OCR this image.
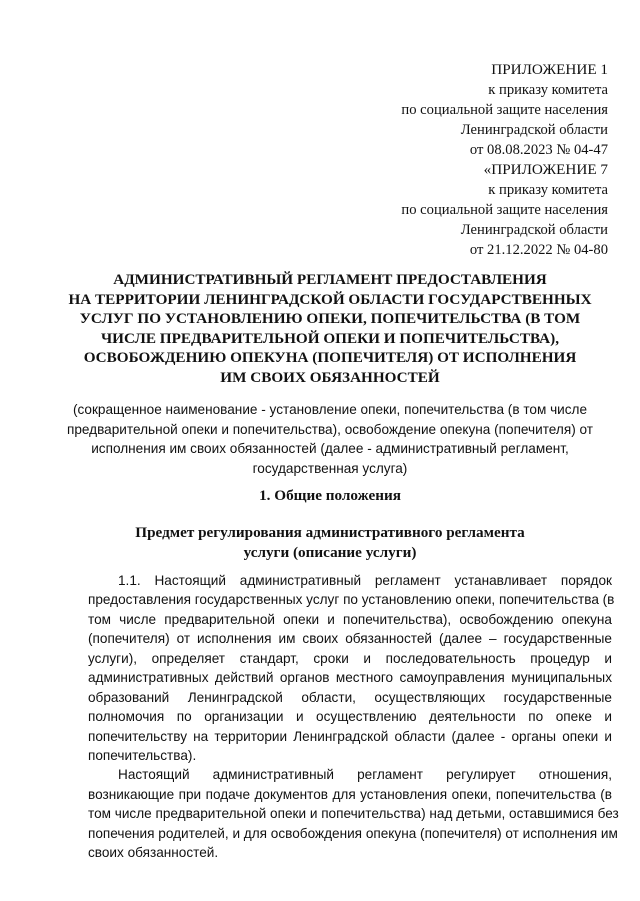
ПРИЛОЖЕНИЕ 1
к приказу комитета
по социальной защите населения
Ленинградской области
от 08.08.2023 № 04-47
«ПРИЛОЖЕНИЕ 7
к приказу комитета
по социальной защите населения
Ленинградской области
от 21.12.2022 № 04-80
АДМИНИСТРАТИВНЫЙ РЕГЛАМЕНТ ПРЕДОСТАВЛЕНИЯ
НА ТЕРРИТОРИИ ЛЕНИНГРАДСКОЙ ОБЛАСТИ ГОСУДАРСТВЕННЫХ
УСЛУГ ПО УСТАНОВЛЕНИЮ ОПЕКИ, ПОПЕЧИТЕЛЬСТВА (В ТОМ
ЧИСЛЕ ПРЕДВАРИТЕЛЬНОЙ ОПЕКИ И ПОПЕЧИТЕЛЬСТВА),
ОСВОБОЖДЕНИЮ ОПЕКУНА (ПОПЕЧИТЕЛЯ) ОТ ИСПОЛНЕНИЯ
ИМ СВОИХ ОБЯЗАННОСТЕЙ
(сокращенное наименование - установление опеки, попечительства (в том числе
предварительной опеки и попечительства), освобождение опекуна (попечителя) от
исполнения им своих обязанностей (далее - административный регламент,
государственная услуга)
1. Общие положения
Предмет регулирования административного регламента
услуги (описание услуги)
1.1. Настоящий административный регламент устанавливает порядок
предоставления государственных услуг по установлению опеки, попечительства (в
том числе предварительной опеки и попечительства), освобождению опекуна
(попечителя) от исполнения им своих обязанностей (далее – государственные
услуги), определяет стандарт, сроки и последовательность процедур и
административных действий органов местного самоуправления муниципальных
образований Ленинградской области, осуществляющих государственные
полномочия по организации и осуществлению деятельности по опеке и
попечительству на территории Ленинградской области (далее - органы опеки и
попечительства).
Настоящий административный регламент регулирует отношения,
возникающие при подаче документов для установления опеки, попечительства (в
том числе предварительной опеки и попечительства) над детьми, оставшимися без
попечения родителей, и для освобождения опекуна (попечителя) от исполнения им
своих обязанностей.
